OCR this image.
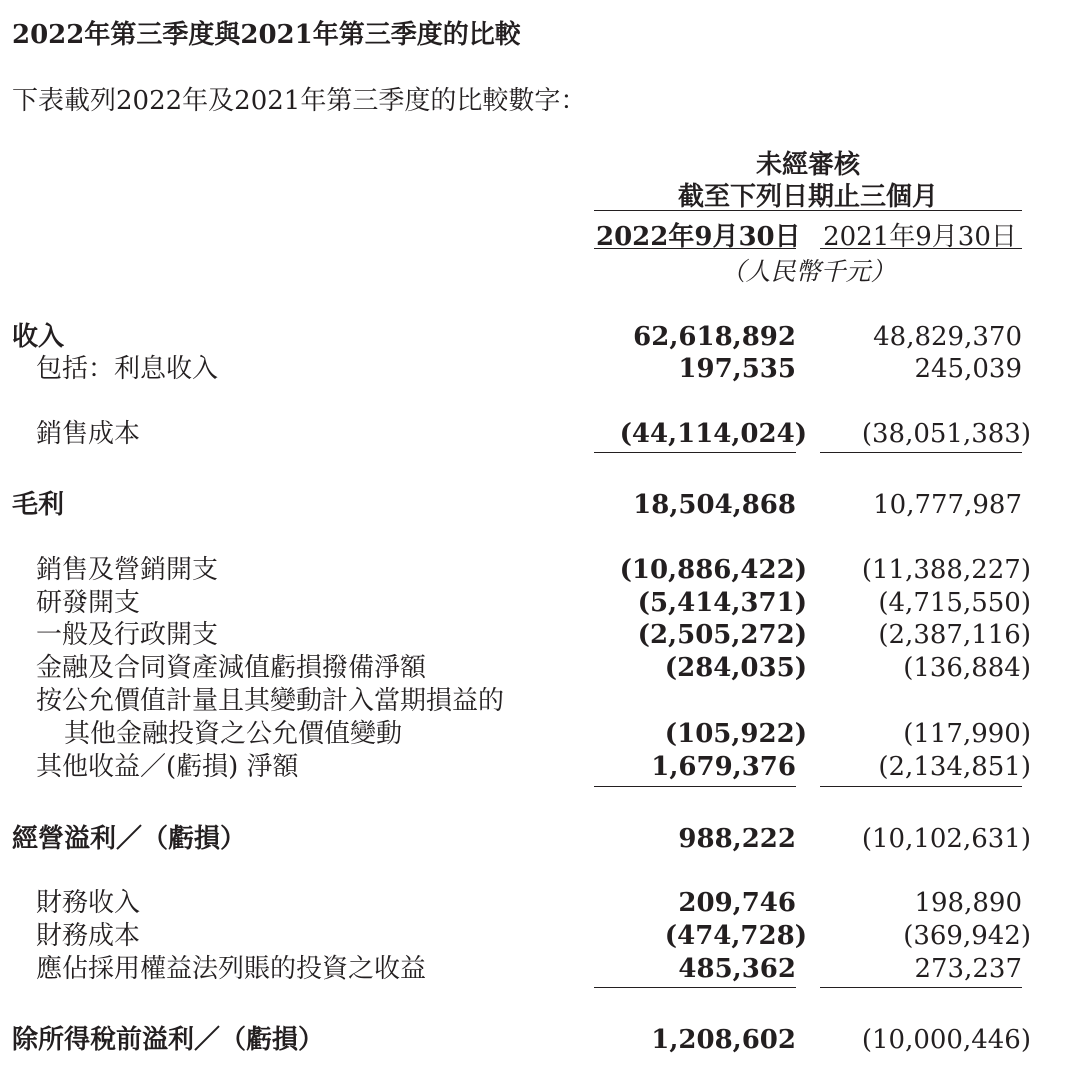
2022年第三季度與2021年第三季度的比較
下表載列2022年及2021年第三季度的比較數字：
未經審核
截至下列日期止三個月
2022年9月30日 2021年9月30日
（人民幣千元）
收入	62,618,892	48,829,370
包括：利息收入	197,535	245,039
銷售成本	(44,114,024) (38,051,383)
毛利	18,504,868	10,777,987
銷售及營銷開支	(10,886,422) (11,388,227)
研發開支	(5,414,371)	(4,715,550)
一般及行政開支	(2,505,272)	(2,387,116)
金融及合同資產減值虧損撥備淨額	(284,035)	(136,884)
按公允價值計量且其變動計入當期損益的
其他金融投資之公允價值變動	(105,922)	(117,990)
其他收益／(虧損) 淨額	1,679,376	(2,134,851)
經營溢利／（虧損）	988,222	(10,102,631)
財務收入	209,746	198,890
財務成本	(474,728)	(369,942)
應佔採用權益法列賬的投資之收益	485,362	273,237
除所得稅前溢利／（虧損）	1,208,602	(10,000,446)
